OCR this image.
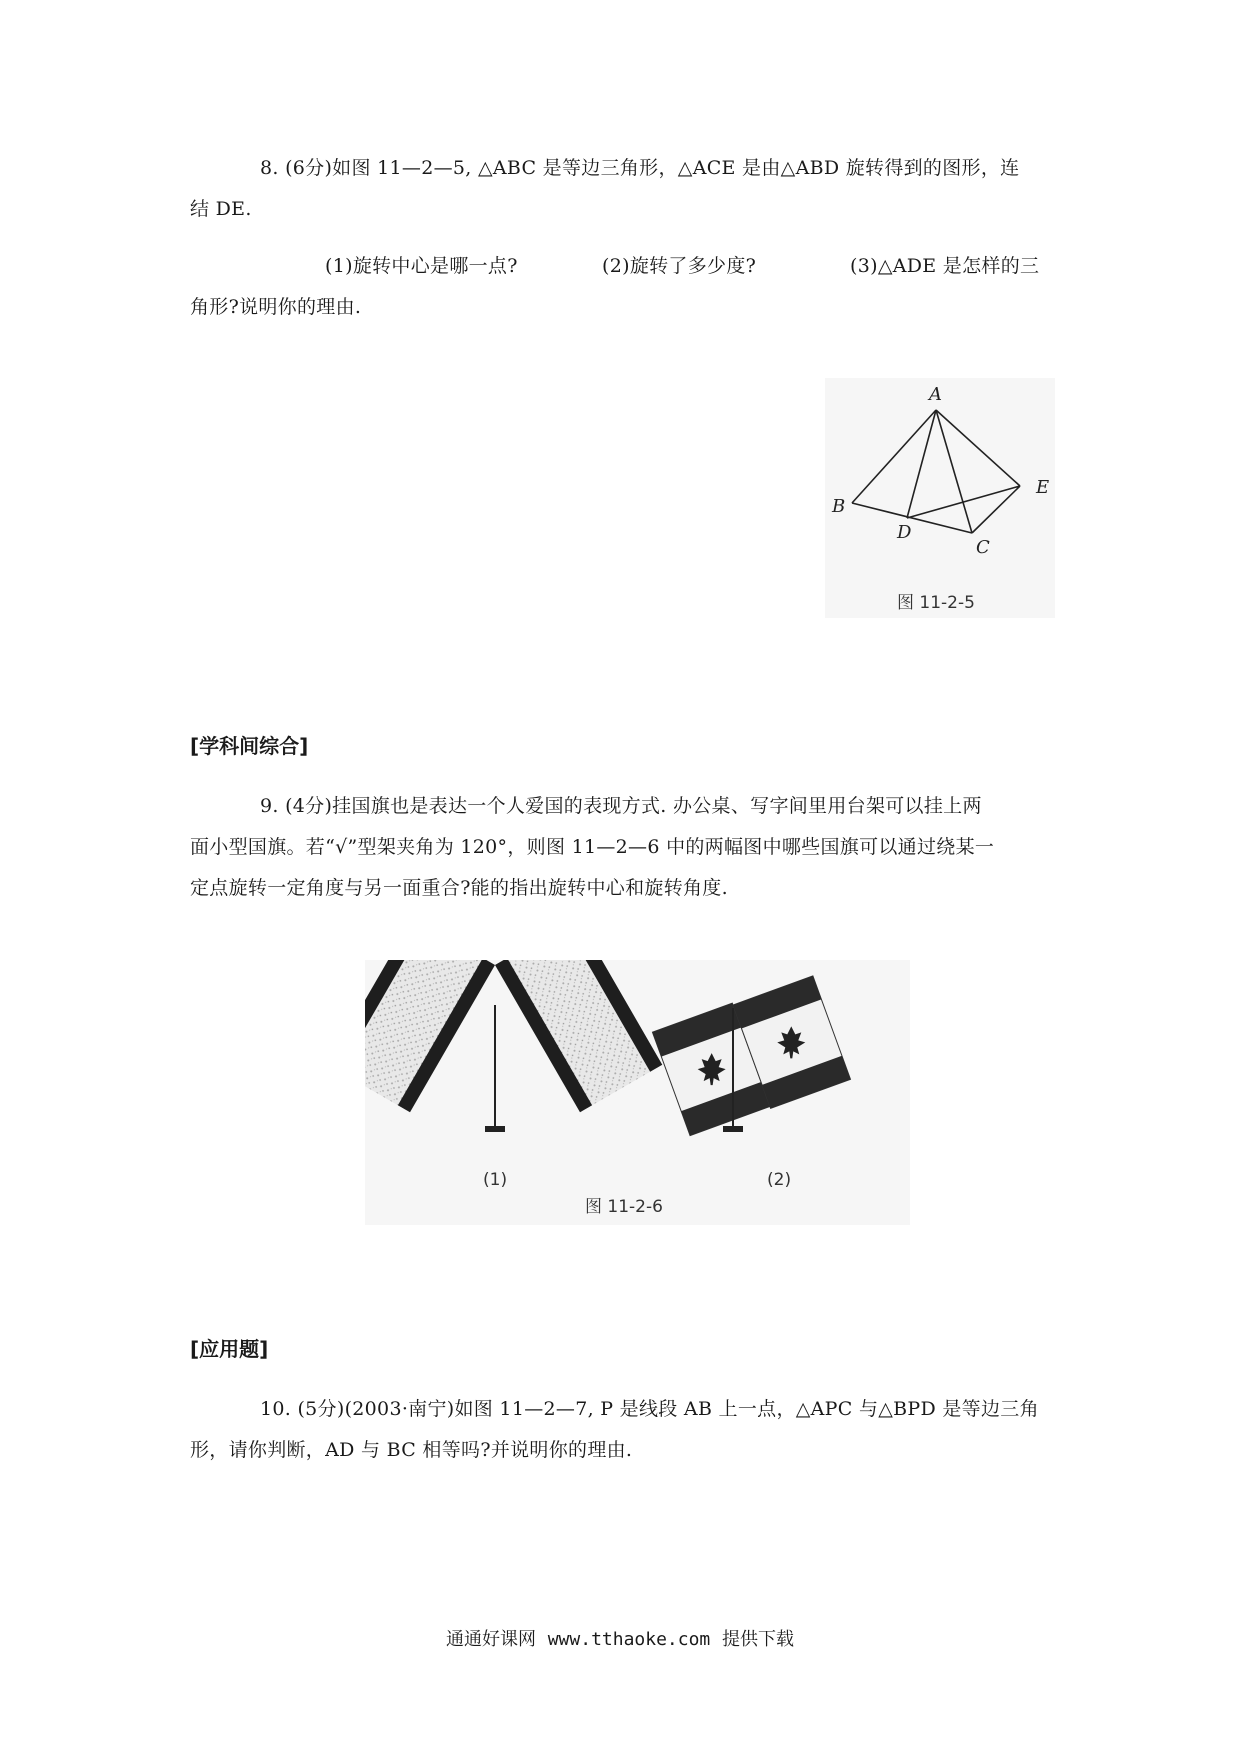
8. (6分)如图 11—2—5, △ABC 是等边三角形，△ACE 是由△ABD 旋转得到的图形，连
结 DE.
(1)旋转中心是哪一点?	(2)旋转了多少度?	(3)△ADE 是怎样的三
角形?说明你的理由.
A
B
C
D
E
图 11-2-5
[学科间综合]
9. (4分)挂国旗也是表达一个人爱国的表现方式. 办公桌、写字间里用台架可以挂上两
面小型国旗。若“√”型架夹角为 120°，则图 11—2—6 中的两幅图中哪些国旗可以通过绕某一
定点旋转一定角度与另一面重合?能的指出旋转中心和旋转角度.
(1)	(2)
图 11-2-6
[应用题]
10. (5分)(2003·南宁)如图 11—2—7, P 是线段 AB 上一点，△APC 与△BPD 是等边三角
形，请你判断，AD 与 BC 相等吗?并说明你的理由.
通通好课网 www.tthaoke.com 提供下载
